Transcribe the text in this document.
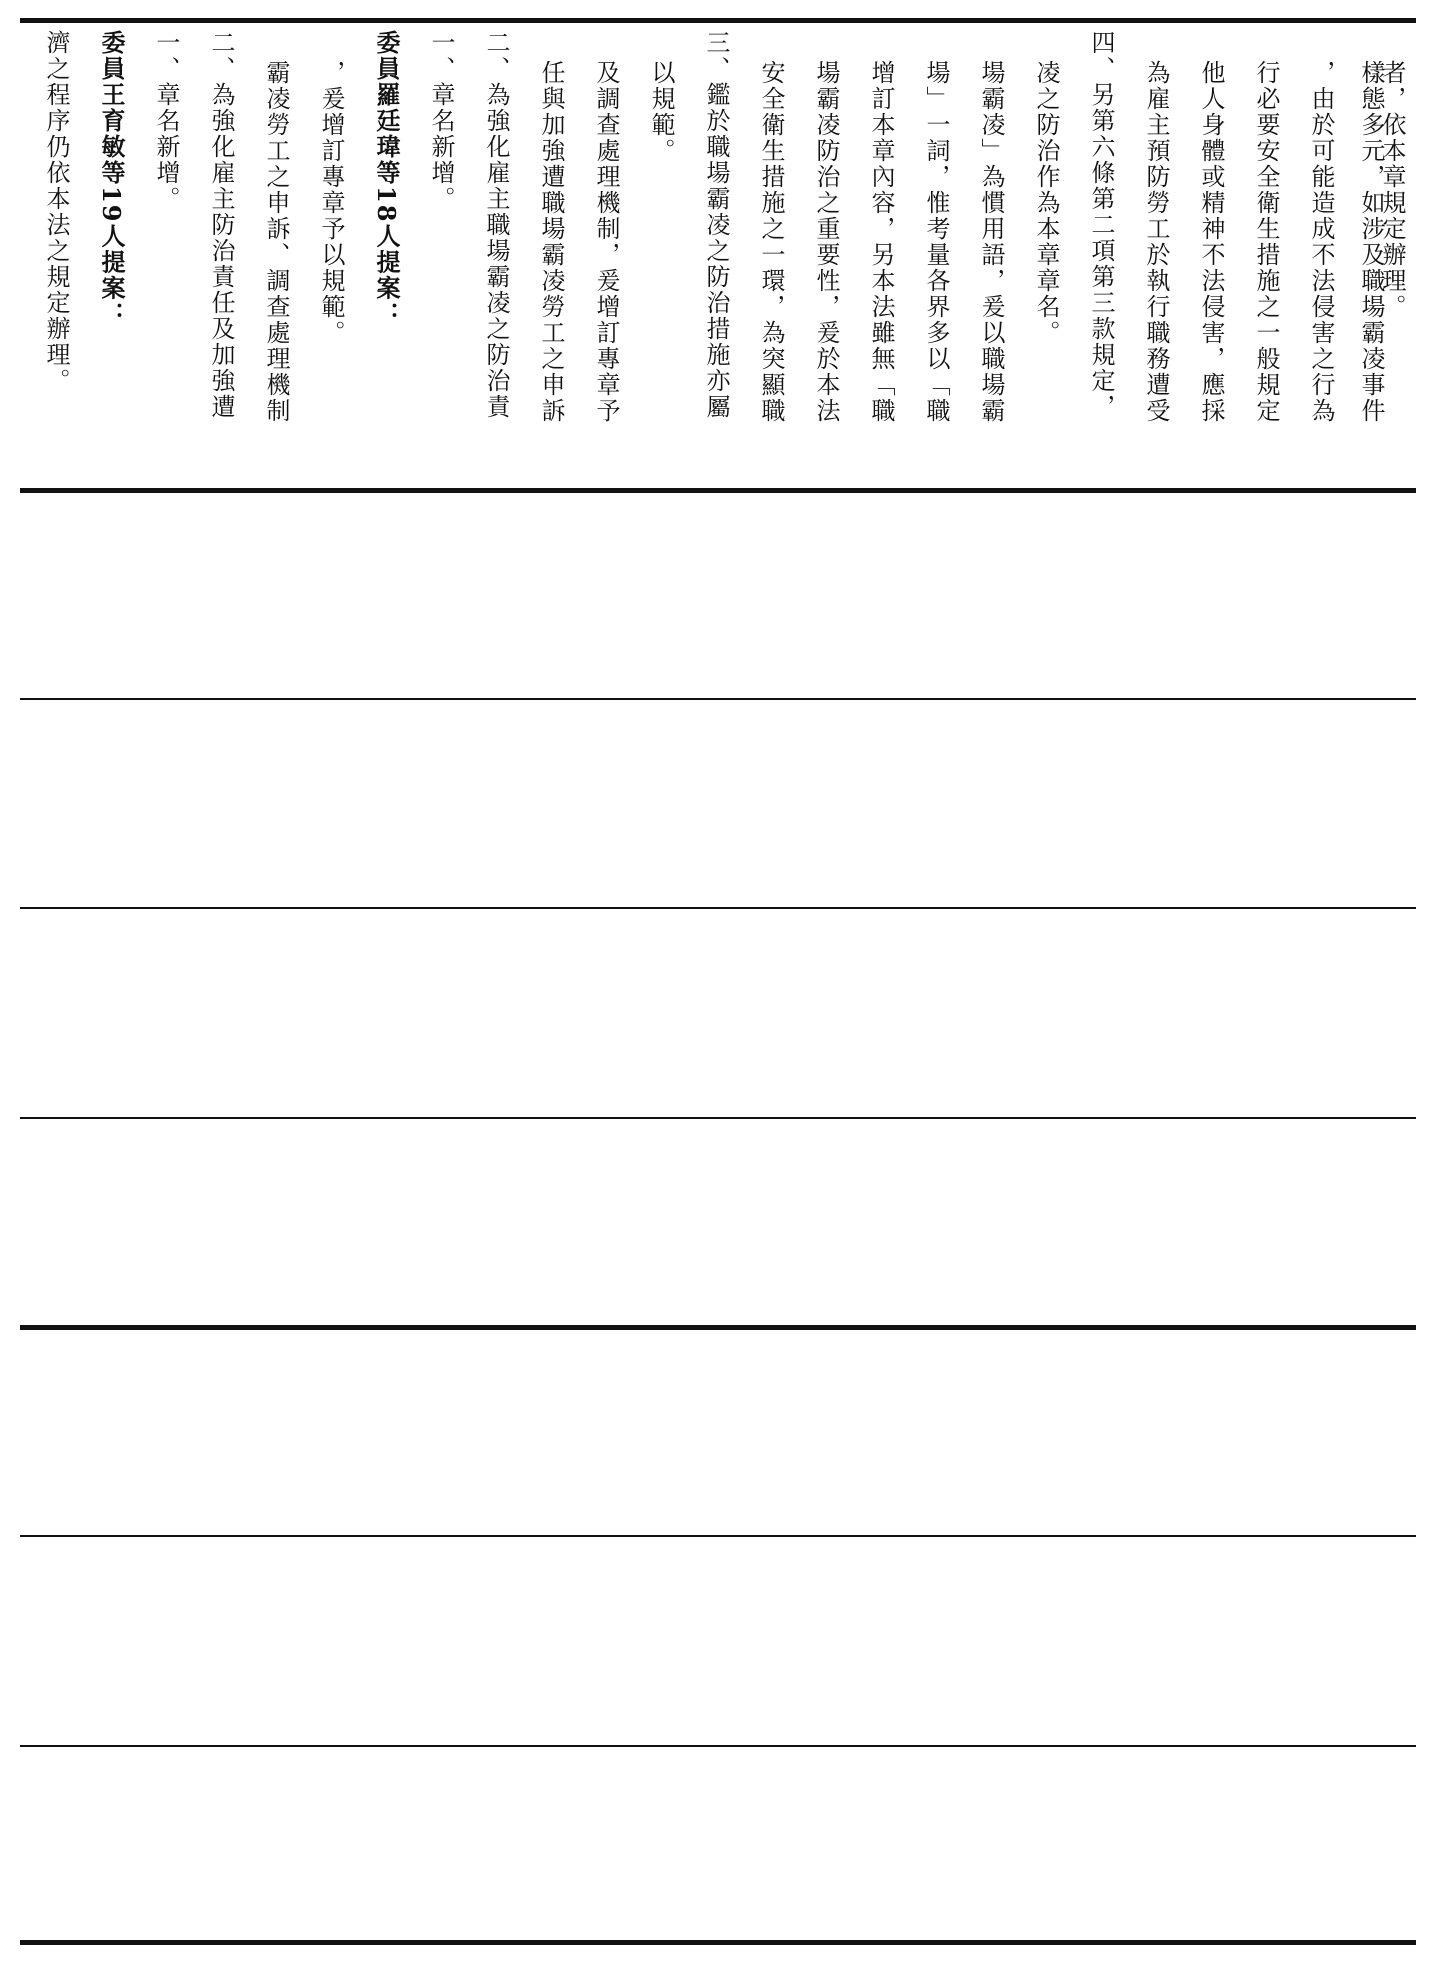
濟之程序仍依本法之規定辦理。 委員王育敏等19人提案： 一、章名新增。 二、為強化雇主防治責任及加強遭 霸凌勞工之申訴、調查處理機制 ，爰增訂專章予以規範。 委員羅廷瑋等18人提案： 一、章名新增。 二、為強化雇主職場霸凌之防治責 任與加強遭職場霸凌勞工之申訴 及調查處理機制，爰增訂專章予 以規範。 三、鑑於職場霸凌之防治措施亦屬 安全衛生措施之一環，為突顯職 場霸凌防治之重要性，爰於本法 增訂本章內容，另本法雖無「職 場」一詞，惟考量各界多以「職 場霸凌」為慣用語，爰以職場霸 凌之防治作為本章章名。 四、另第六條第二項第三款規定， 為雇主預防勞工於執行職務遭受 他人身體或精神不法侵害，應採 行必要安全衛生措施之一般規定 ，由於可能造成不法侵害之行為 樣態多元，如涉及職場霸凌事件
者，依本章規定辦理。
